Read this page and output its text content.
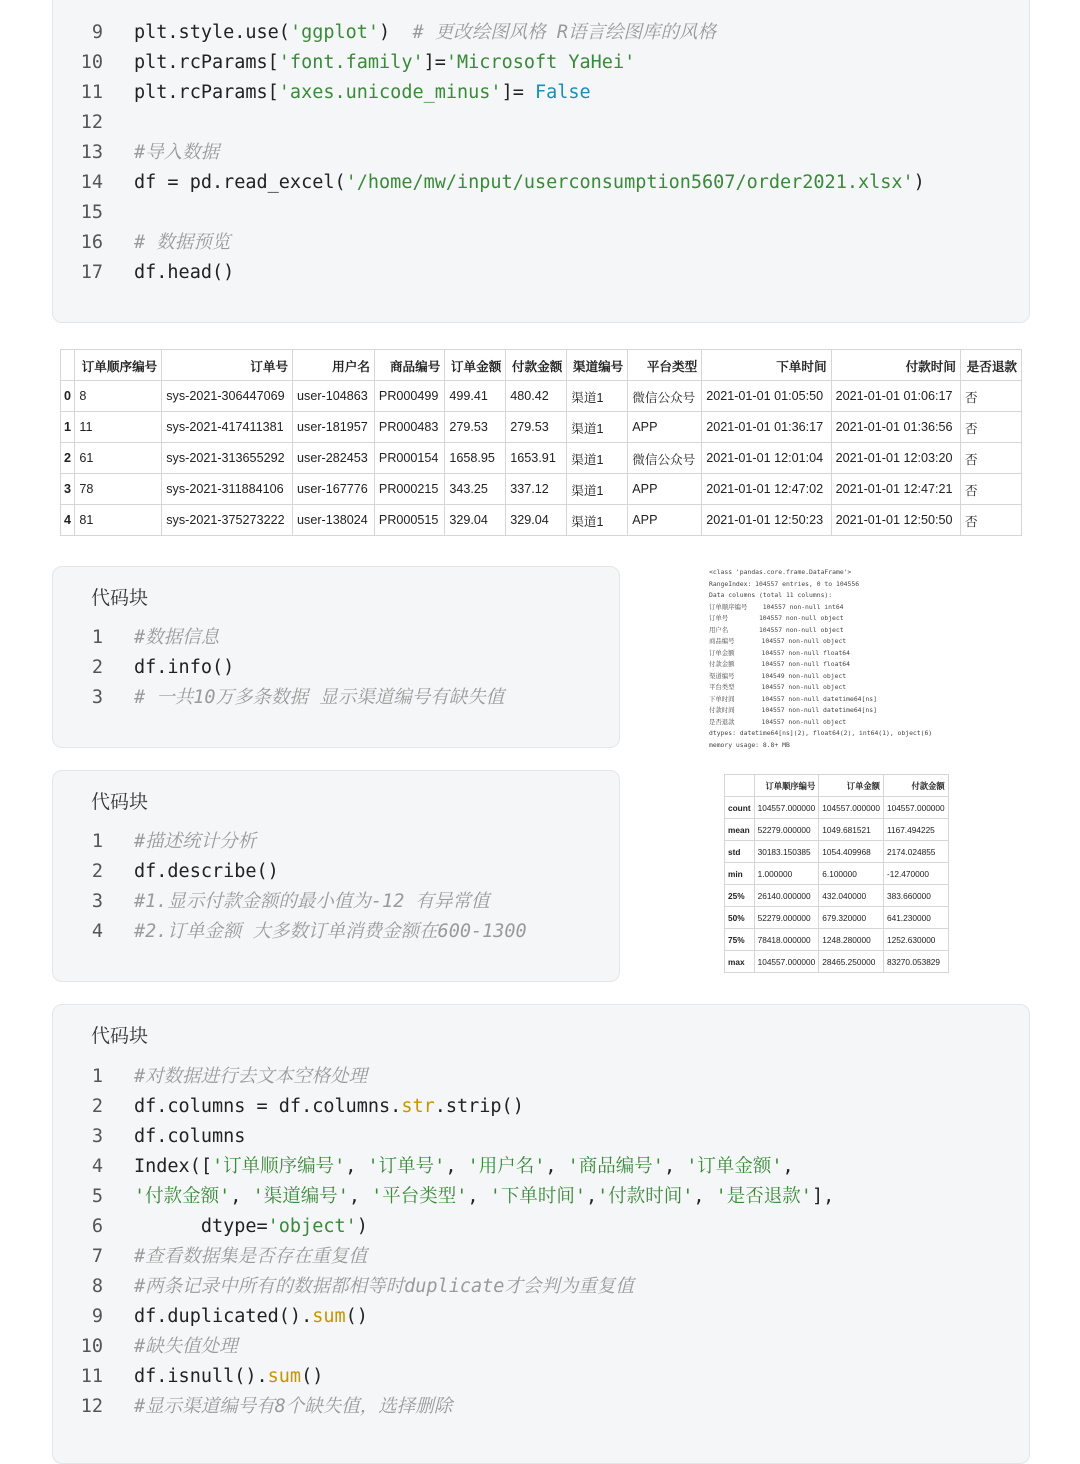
9 plt.style.use('ggplot')  # 更改绘图风格 R语言绘图库的风格
10 plt.rcParams['font.family']='Microsoft YaHei'
11 plt.rcParams['axes.unicode_minus']= False
12
13 #导入数据
14 df = pd.read_excel('/home/mw/input/userconsumption5607/order2021.xlsx')
15
16 # 数据预览
17 df.head()
	订单顺序编号	订单号	用户名	商品编号	订单金额	付款金额	渠道编号	平台类型	下单时间	付款时间	是否退款
0	8	sys-2021-306447069	user-104863	PR000499	499.41	480.42	渠道1	微信公众号	2021-01-01 01:05:50	2021-01-01 01:06:17	否
1	11	sys-2021-417411381	user-181957	PR000483	279.53	279.53	渠道1	APP	2021-01-01 01:36:17	2021-01-01 01:36:56	否
2	61	sys-2021-313655292	user-282453	PR000154	1658.95	1653.91	渠道1	微信公众号	2021-01-01 12:01:04	2021-01-01 12:03:20	否
3	78	sys-2021-311884106	user-167776	PR000215	343.25	337.12	渠道1	APP	2021-01-01 12:47:02	2021-01-01 12:47:21	否
4	81	sys-2021-375273222	user-138024	PR000515	329.04	329.04	渠道1	APP	2021-01-01 12:50:23	2021-01-01 12:50:50	否
代码块
1 #数据信息
2 df.info()
3 # 一共10万多条数据 显示渠道编号有缺失值
<class 'pandas.core.frame.DataFrame'>
RangeIndex: 104557 entries, 0 to 104556
Data columns (total 11 columns):
订单顺序编号    104557 non-null int64
订单号        104557 non-null object
用户名        104557 non-null object
商品编号       104557 non-null object
订单金额       104557 non-null float64
付款金额       104557 non-null float64
渠道编号       104549 non-null object
平台类型       104557 non-null object
下单时间       104557 non-null datetime64[ns]
付款时间       104557 non-null datetime64[ns]
是否退款       104557 non-null object
dtypes: datetime64[ns](2), float64(2), int64(1), object(6)
memory usage: 8.8+ MB
代码块
1 #描述统计分析
2 df.describe()
3 #1.显示付款金额的最小值为-12 有异常值
4 #2.订单金额 大多数订单消费金额在600-1300
	订单顺序编号	订单金额	付款金额
count	104557.000000	104557.000000	104557.000000
mean	52279.000000	1049.681521	1167.494225
std	30183.150385	1054.409968	2174.024855
min	1.000000	6.100000	-12.470000
25%	26140.000000	432.040000	383.660000
50%	52279.000000	679.320000	641.230000
75%	78418.000000	1248.280000	1252.630000
max	104557.000000	28465.250000	83270.053829
代码块
1 #对数据进行去文本空格处理
2 df.columns = df.columns.str.strip()
3 df.columns
4 Index(['订单顺序编号', '订单号', '用户名', '商品编号', '订单金额',
5 '付款金额', '渠道编号', '平台类型', '下单时间','付款时间', '是否退款'],
6 dtype='object')
7 #查看数据集是否存在重复值
8 #两条记录中所有的数据都相等时duplicate才会判为重复值
9 df.duplicated().sum()
10 #缺失值处理
11 df.isnull().sum()
12 #显示渠道编号有8个缺失值，选择删除
